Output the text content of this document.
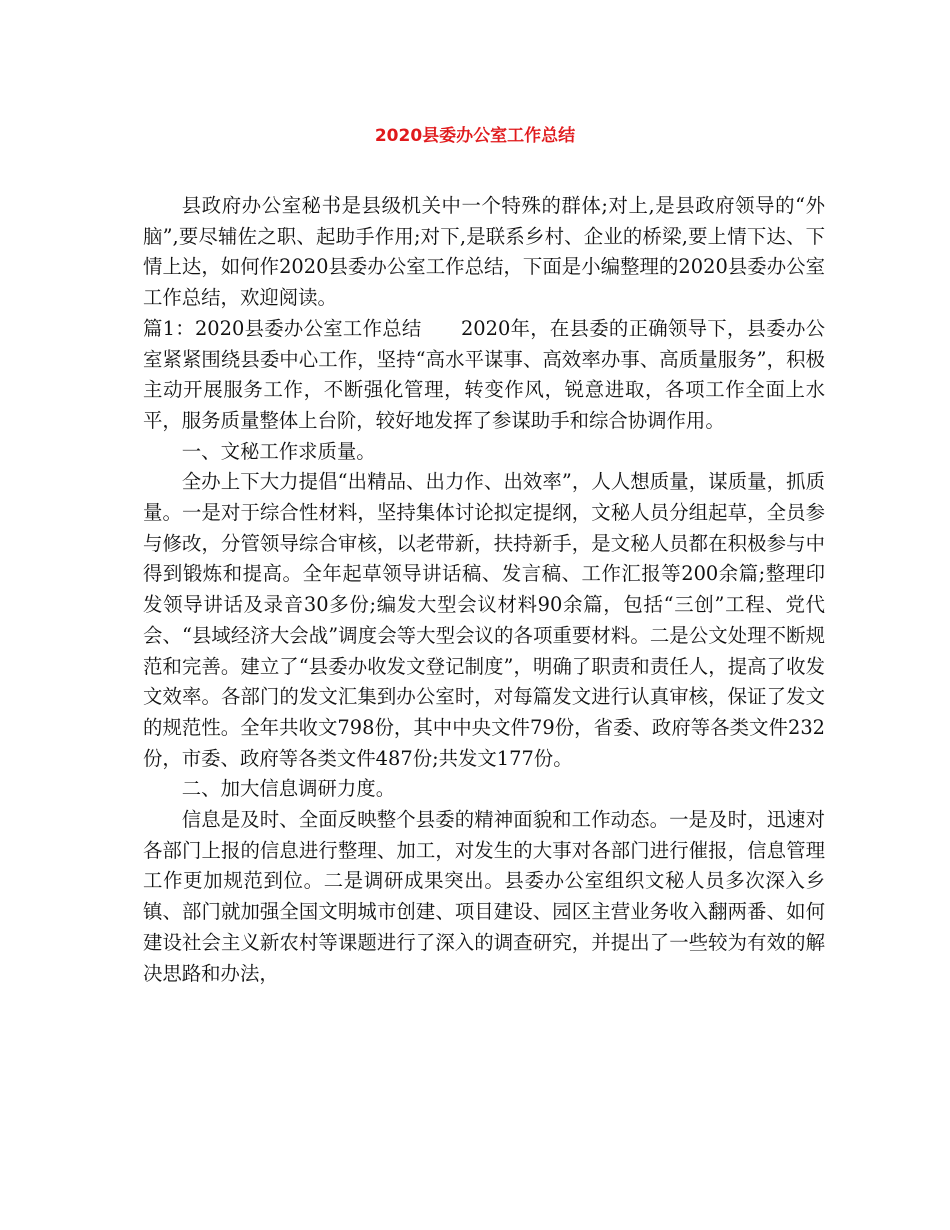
2020县委办公室工作总结

县政府办公室秘书是县级机关中一个特殊的群体;对上,是县政府领导的“外脑”,要尽辅佐之职、起助手作用;对下,是联系乡村、企业的桥梁,要上情下达、下情上达，如何作2020县委办公室工作总结，下面是小编整理的2020县委办公室工作总结，欢迎阅读。

篇1：2020县委办公室工作总结　　2020年，在县委的正确领导下，县委办公室紧紧围绕县委中心工作，坚持“高水平谋事、高效率办事、高质量服务”，积极主动开展服务工作，不断强化管理，转变作风，锐意进取，各项工作全面上水平，服务质量整体上台阶，较好地发挥了参谋助手和综合协调作用。

一、文秘工作求质量。

全办上下大力提倡“出精品、出力作、出效率”，人人想质量，谋质量，抓质量。一是对于综合性材料，坚持集体讨论拟定提纲，文秘人员分组起草，全员参与修改，分管领导综合审核，以老带新，扶持新手，是文秘人员都在积极参与中得到锻炼和提高。全年起草领导讲话稿、发言稿、工作汇报等200余篇;整理印发领导讲话及录音30多份;编发大型会议材料90余篇，包括“三创”工程、党代会、“县域经济大会战”调度会等大型会议的各项重要材料。二是公文处理不断规范和完善。建立了“县委办收发文登记制度”，明确了职责和责任人，提高了收发文效率。各部门的发文汇集到办公室时，对每篇发文进行认真审核，保证了发文的规范性。全年共收文798份，其中中央文件79份，省委、政府等各类文件232份，市委、政府等各类文件487份;共发文177份。

二、加大信息调研力度。

信息是及时、全面反映整个县委的精神面貌和工作动态。一是及时，迅速对各部门上报的信息进行整理、加工，对发生的大事对各部门进行催报，信息管理工作更加规范到位。二是调研成果突出。县委办公室组织文秘人员多次深入乡镇、部门就加强全国文明城市创建、项目建设、园区主营业务收入翻两番、如何建设社会主义新农村等课题进行了深入的调查研究，并提出了一些较为有效的解决思路和办法，
